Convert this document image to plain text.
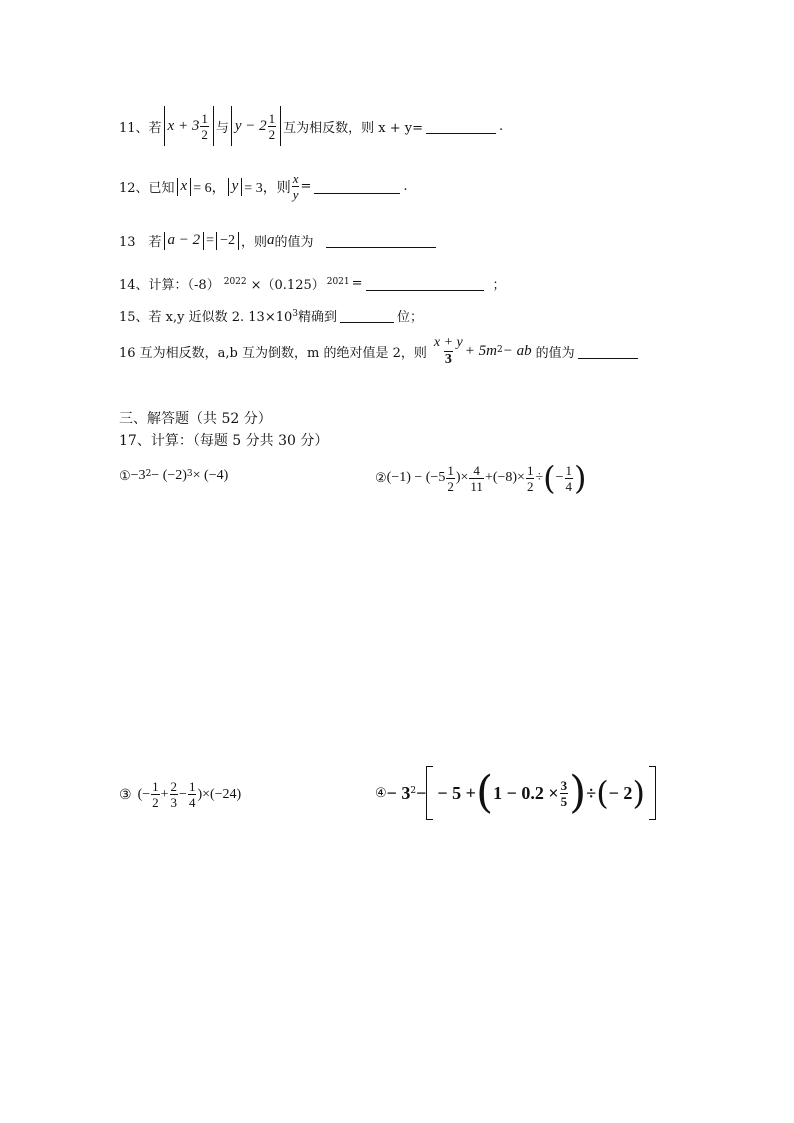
11、若 $x + 3 \frac{1}{2}$ 与 $y - 2 \frac{1}{2}$ 互为相反数，则 x + y=	.
12、已知 x = 6， y = 3，则 $\frac{x}{y}$ =	.
13　若 a − 2 = −2 ，则 a 的值为
14、计算：（-8） $^{2022} \times(0.125)^{2021}$ =	；
15、若 x,y 近似数 2. $13\times 10^3$ 精确到	位；
16 互为相反数，a,b 互为倒数，m 的绝对值是 2，则 $\frac{x + y}{3} + 5m^2$ − ab 的值为
三、解答题（共 52 分）
17、计算：（每题 5 分共 30 分）
① $-3^2 - (-2)^3 \times (-4)$	② $(-1) - (-5 \frac{1}{2}$ )× $\frac{4}{11} +(-8)\times \frac{1}{2}$ ÷ ( − $\frac{1}{4}$ )
③ (− $\frac{1}{2} + \frac{2}{3} - \frac{1}{4} )\times(-24)$	④ − $3^2$ − − 5 + ( $1 - 0.2 \times \frac{3}{5}$ ) ÷ ( − 2 )
